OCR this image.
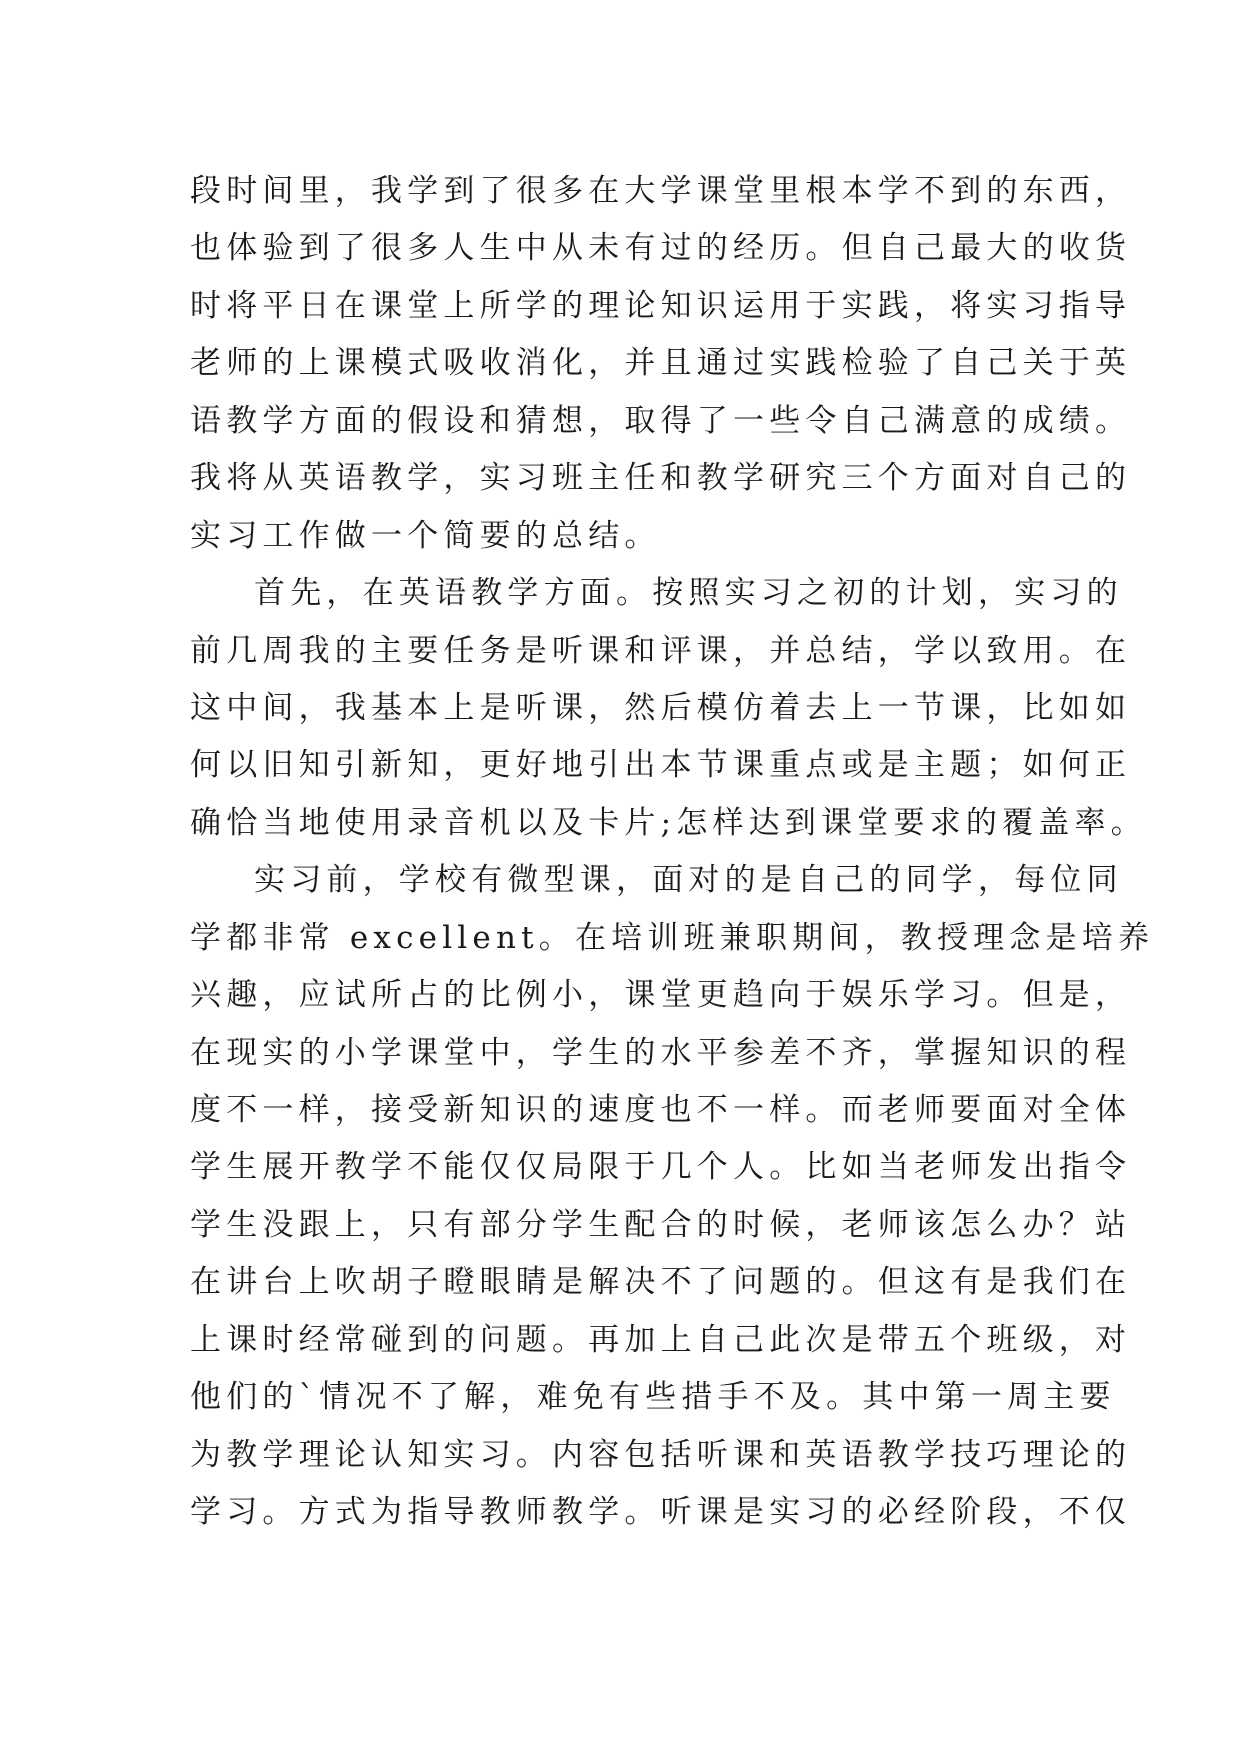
段时间里，我学到了很多在大学课堂里根本学不到的东西，
也体验到了很多人生中从未有过的经历。但自己最大的收货
时将平日在课堂上所学的理论知识运用于实践，将实习指导
老师的上课模式吸收消化，并且通过实践检验了自己关于英
语教学方面的假设和猜想，取得了一些令自己满意的成绩。
我将从英语教学，实习班主任和教学研究三个方面对自己的
实习工作做一个简要的总结。
首先，在英语教学方面。按照实习之初的计划，实习的
前几周我的主要任务是听课和评课，并总结，学以致用。在
这中间，我基本上是听课，然后模仿着去上一节课，比如如
何以旧知引新知，更好地引出本节课重点或是主题；如何正
确恰当地使用录音机以及卡片;怎样达到课堂要求的覆盖率。
实习前，学校有微型课，面对的是自己的同学，每位同
学都非常 excellent。在培训班兼职期间，教授理念是培养
兴趣，应试所占的比例小，课堂更趋向于娱乐学习。但是，
在现实的小学课堂中，学生的水平参差不齐，掌握知识的程
度不一样，接受新知识的速度也不一样。而老师要面对全体
学生展开教学不能仅仅局限于几个人。比如当老师发出指令
学生没跟上，只有部分学生配合的时候，老师该怎么办？站
在讲台上吹胡子瞪眼睛是解决不了问题的。但这有是我们在
上课时经常碰到的问题。再加上自己此次是带五个班级，对
他们的`情况不了解，难免有些措手不及。其中第一周主要
为教学理论认知实习。内容包括听课和英语教学技巧理论的
学习。方式为指导教师教学。听课是实习的必经阶段，不仅
